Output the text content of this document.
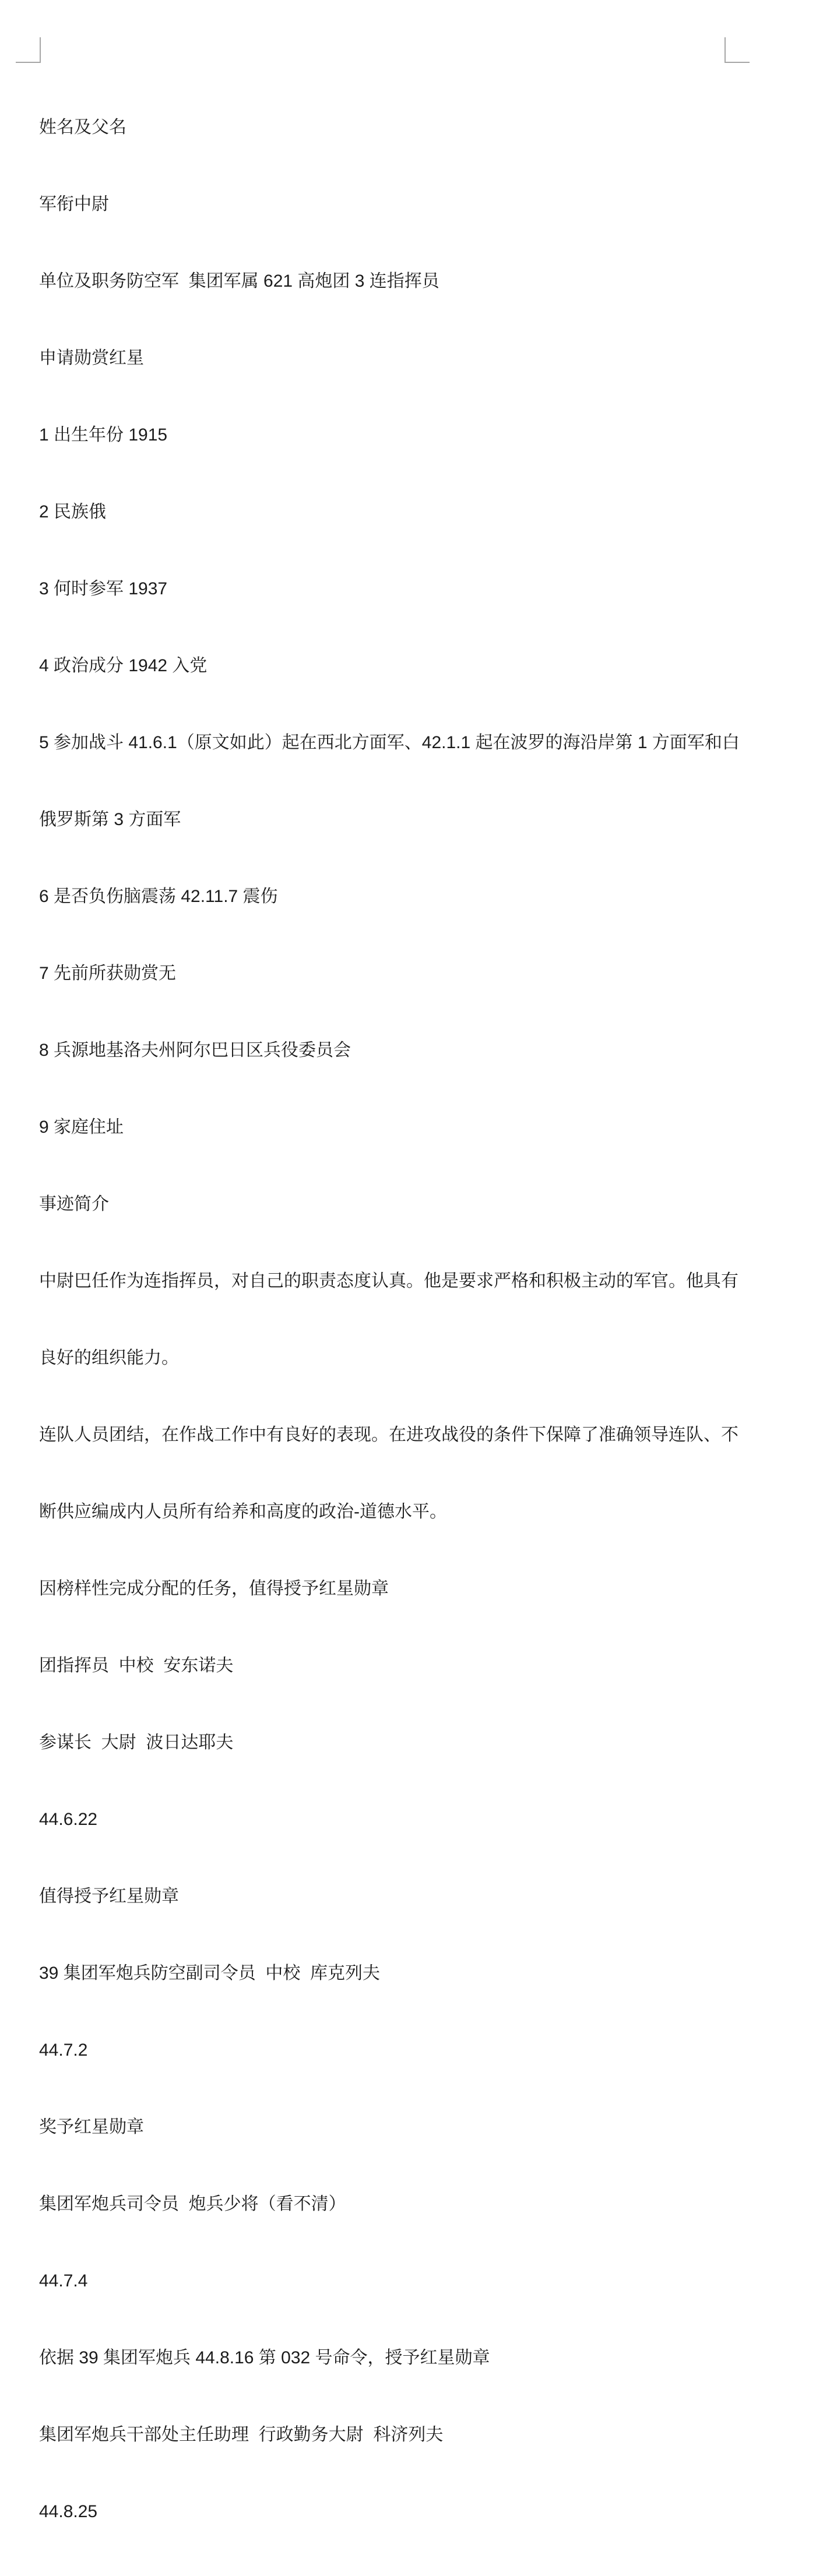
姓名及父名

军衔中尉

单位及职务防空军  集团军属 621 高炮团 3 连指挥员

申请勋赏红星

1 出生年份 1915

2 民族俄

3 何时参军 1937

4 政治成分 1942 入党

5 参加战斗 41.6.1（原文如此）起在西北方面军、42.1.1 起在波罗的海沿岸第 1 方面军和白

俄罗斯第 3 方面军

6 是否负伤脑震荡 42.11.7 震伤

7 先前所获勋赏无

8 兵源地基洛夫州阿尔巴日区兵役委员会

9 家庭住址

事迹简介

中尉巴任作为连指挥员，对自己的职责态度认真。他是要求严格和积极主动的军官。他具有

良好的组织能力。

连队人员团结，在作战工作中有良好的表现。在进攻战役的条件下保障了准确领导连队、不

断供应编成内人员所有给养和高度的政治-道德水平。

因榜样性完成分配的任务，值得授予红星勋章

团指挥员  中校  安东诺夫

参谋长  大尉  波日达耶夫

44.6.22

值得授予红星勋章

39 集团军炮兵防空副司令员  中校  库克列夫

44.7.2

奖予红星勋章

集团军炮兵司令员  炮兵少将（看不清）

44.7.4

依据 39 集团军炮兵 44.8.16 第 032 号命令，授予红星勋章

集团军炮兵干部处主任助理  行政勤务大尉  科济列夫

44.8.25
